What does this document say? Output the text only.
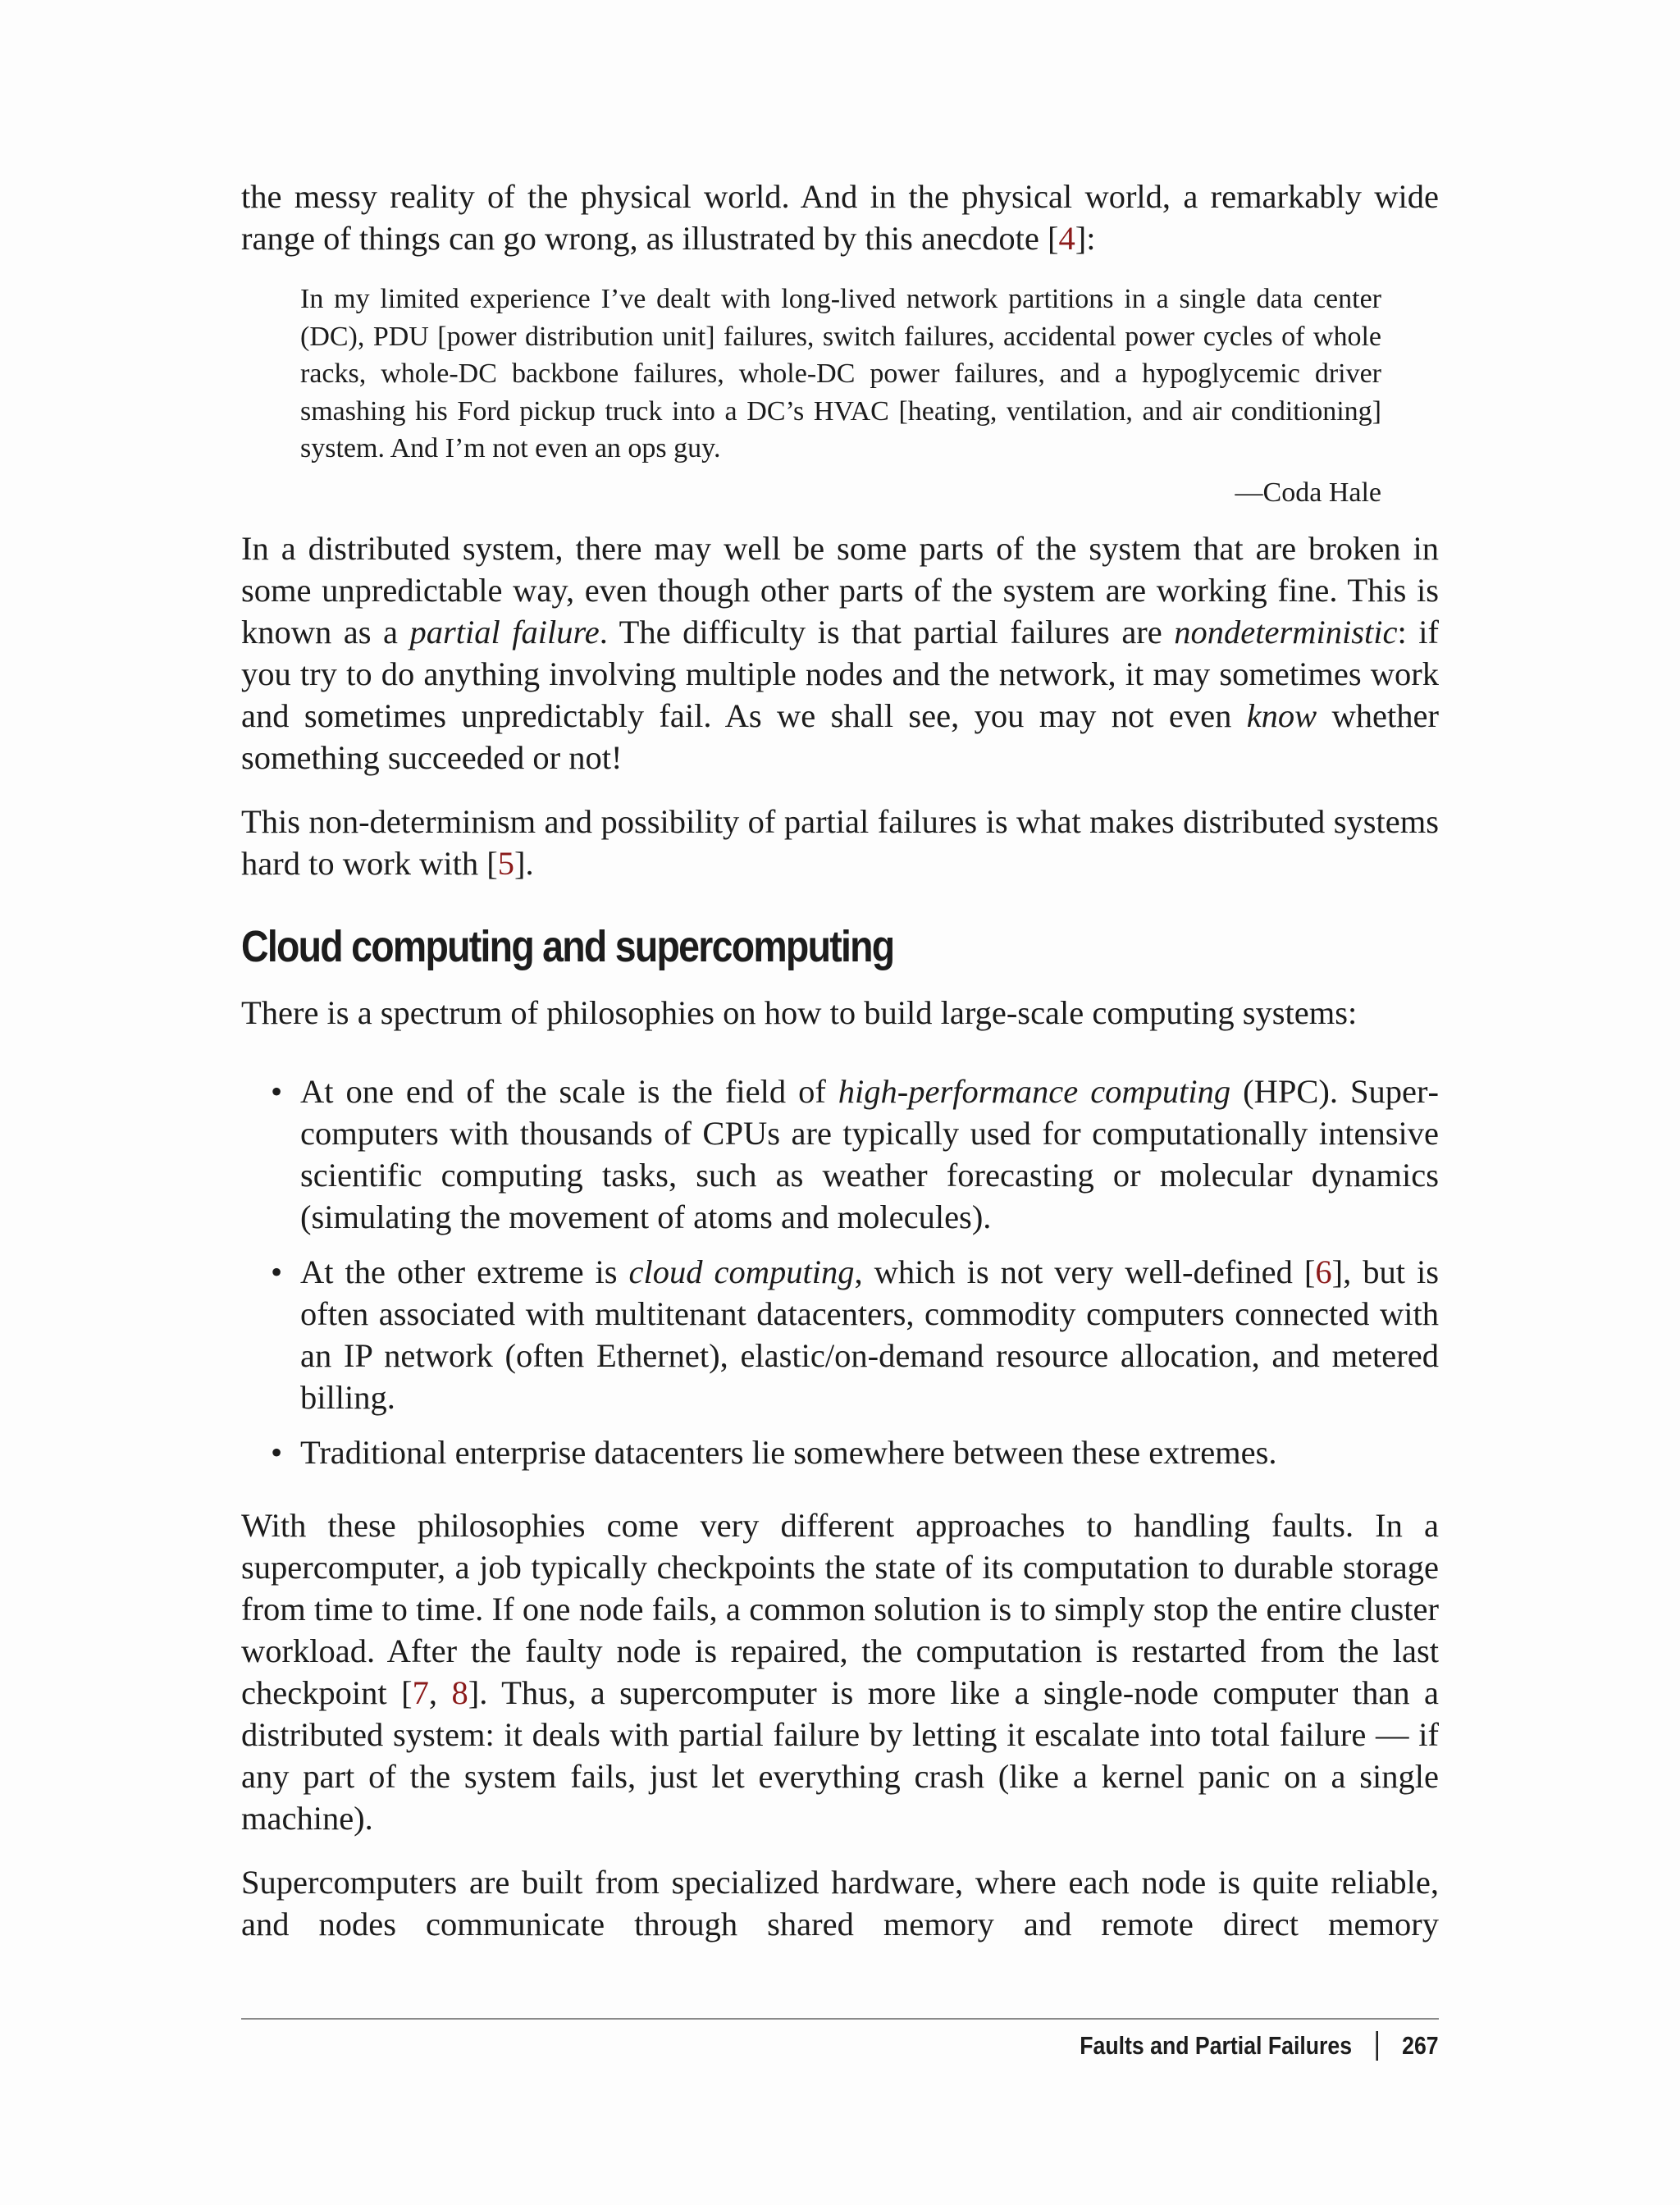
the messy reality of the physical world. And in the physical world, a remarkably wide range of things can go wrong, as illustrated by this anecdote [4]:

In my limited experience I’ve dealt with long-lived network partitions in a single data center (DC), PDU [power distribution unit] failures, switch failures, accidental power cycles of whole racks, whole-DC backbone failures, whole-DC power failures, and a hypoglycemic driver smashing his Ford pickup truck into a DC’s HVAC [heating, ventilation, and air conditioning] system. And I’m not even an ops guy.
—Coda Hale

In a distributed system, there may well be some parts of the system that are broken in some unpredictable way, even though other parts of the system are working fine. This is known as a partial failure. The difficulty is that partial failures are nondeterministic: if you try to do anything involving multiple nodes and the network, it may sometimes work and sometimes unpredictably fail. As we shall see, you may not even know whether something succeeded or not!

This non-determinism and possibility of partial failures is what makes distributed systems hard to work with [5].

Cloud computing and supercomputing

There is a spectrum of philosophies on how to build large-scale computing systems:

• At one end of the scale is the field of high-performance computing (HPC). Supercomputers with thousands of CPUs are typically used for computationally intensive scientific computing tasks, such as weather forecasting or molecular dynamics (simulating the movement of atoms and molecules).
• At the other extreme is cloud computing, which is not very well-defined [6], but is often associated with multitenant datacenters, commodity computers connected with an IP network (often Ethernet), elastic/on-demand resource allocation, and metered billing.
• Traditional enterprise datacenters lie somewhere between these extremes.

With these philosophies come very different approaches to handling faults. In a supercomputer, a job typically checkpoints the state of its computation to durable storage from time to time. If one node fails, a common solution is to simply stop the entire cluster workload. After the faulty node is repaired, the computation is restarted from the last checkpoint [7, 8]. Thus, a supercomputer is more like a single-node computer than a distributed system: it deals with partial failure by letting it escalate into total failure — if any part of the system fails, just let everything crash (like a kernel panic on a single machine).

Supercomputers are built from specialized hardware, where each node is quite reliable, and nodes communicate through shared memory and remote direct memory

Faults and Partial Failures 267
